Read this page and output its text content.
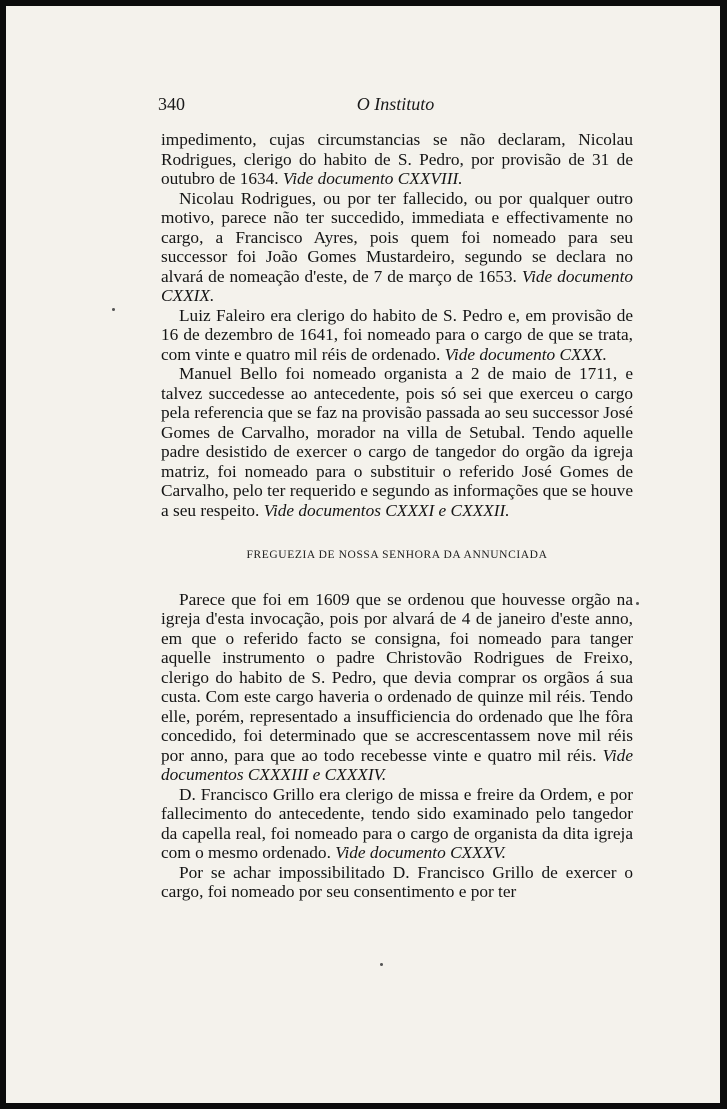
340	O Instituto

impedimento, cujas circumstancias se não declaram, Nicolau Rodrigues, clerigo do habito de S. Pedro, por provisão de 31 de outubro de 1634. Vide documento CXXVIII.

Nicolau Rodrigues, ou por ter fallecido, ou por qualquer outro motivo, parece não ter succedido, immediata e effectivamente no cargo, a Francisco Ayres, pois quem foi nomeado para seu successor foi João Gomes Mustardeiro, segundo se declara no alvará de nomeação d'este, de 7 de março de 1653. Vide documento CXXIX.

Luiz Faleiro era clerigo do habito de S. Pedro e, em provisão de 16 de dezembro de 1641, foi nomeado para o cargo de que se trata, com vinte e quatro mil réis de ordenado. Vide documento CXXX.

Manuel Bello foi nomeado organista a 2 de maio de 1711, e talvez succedesse ao antecedente, pois só sei que exerceu o cargo pela referencia que se faz na provisão passada ao seu successor José Gomes de Carvalho, morador na villa de Setubal. Tendo aquelle padre desistido de exercer o cargo de tangedor do orgão da igreja matriz, foi nomeado para o substituir o referido José Gomes de Carvalho, pelo ter requerido e segundo as informações que se houve a seu respeito. Vide documentos CXXXI e CXXXII.

FREGUEZIA DE NOSSA SENHORA DA ANNUNCIADA

Parece que foi em 1609 que se ordenou que houvesse orgão na igreja d'esta invocação, pois por alvará de 4 de janeiro d'este anno, em que o referido facto se consigna, foi nomeado para tanger aquelle instrumento o padre Christovão Rodrigues de Freixo, clerigo do habito de S. Pedro, que devia comprar os orgãos á sua custa. Com este cargo haveria o ordenado de quinze mil réis. Tendo elle, porém, representado a insufficiencia do ordenado que lhe fôra concedido, foi determinado que se accrescentassem nove mil réis por anno, para que ao todo recebesse vinte e quatro mil réis. Vide documentos CXXXIII e CXXXIV.

D. Francisco Grillo era clerigo de missa e freire da Ordem, e por fallecimento do antecedente, tendo sido examinado pelo tangedor da capella real, foi nomeado para o cargo de organista da dita igreja com o mesmo ordenado. Vide documento CXXXV.

Por se achar impossibilitado D. Francisco Grillo de exercer o cargo, foi nomeado por seu consentimento e por ter
